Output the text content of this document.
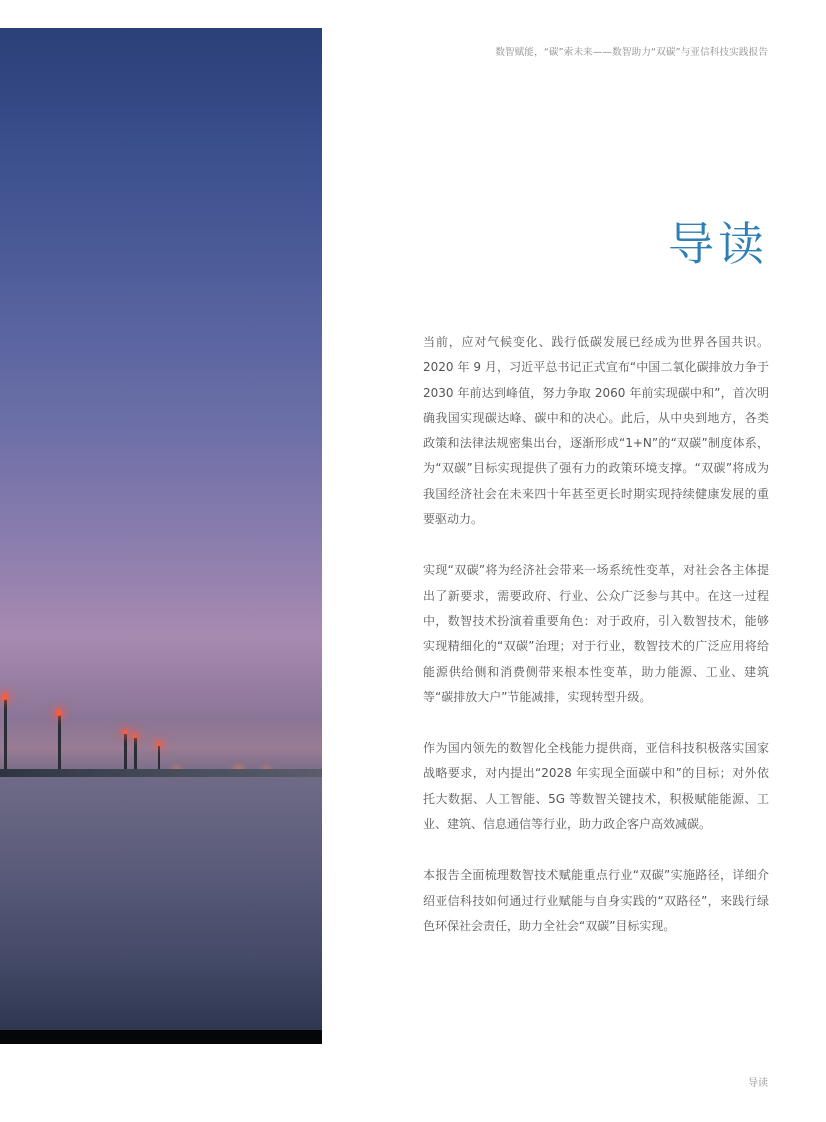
数智赋能，“碳”索未来——数智助力“双碳”与亚信科技实践报告
导读

当前，应对气候变化、践行低碳发展已经成为世界各国共识。2020 年 9 月，习近平总书记正式宣布“中国二氧化碳排放力争于 2030 年前达到峰值，努力争取 2060 年前实现碳中和”，首次明确我国实现碳达峰、碳中和的决心。此后，从中央到地方，各类政策和法律法规密集出台，逐渐形成“1+N”的“双碳”制度体系，为“双碳”目标实现提供了强有力的政策环境支撑。“双碳”将成为我国经济社会在未来四十年甚至更长时期实现持续健康发展的重要驱动力。

实现“双碳”将为经济社会带来一场系统性变革，对社会各主体提出了新要求，需要政府、行业、公众广泛参与其中。在这一过程中，数智技术扮演着重要角色：对于政府，引入数智技术，能够实现精细化的“双碳”治理；对于行业，数智技术的广泛应用将给能源供给侧和消费侧带来根本性变革，助力能源、工业、建筑等“碳排放大户”节能减排，实现转型升级。

作为国内领先的数智化全栈能力提供商，亚信科技积极落实国家战略要求，对内提出“2028 年实现全面碳中和”的目标；对外依托大数据、人工智能、5G 等数智关键技术，积极赋能能源、工业、建筑、信息通信等行业，助力政企客户高效减碳。

本报告全面梳理数智技术赋能重点行业“双碳”实施路径，详细介绍亚信科技如何通过行业赋能与自身实践的“双路径”，来践行绿色环保社会责任，助力全社会“双碳”目标实现。

导读
